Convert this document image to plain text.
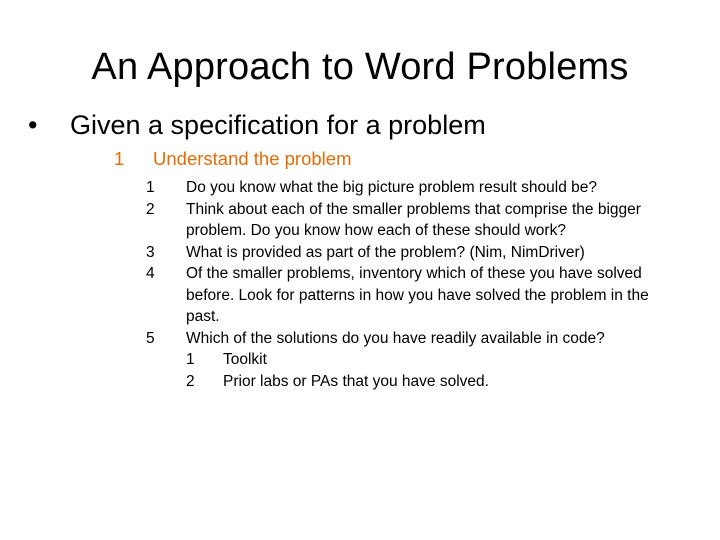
An Approach to Word Problems
• Given a specification for a problem
1 Understand the problem
1	Do you know what the big picture problem result should be?
2	Think about each of the smaller problems that comprise the bigger problem. Do you know how each of these should work?
3	What is provided as part of the problem? (Nim, NimDriver)
4	Of the smaller problems, inventory which of these you have solved before. Look for patterns in how you have solved the problem in the past.
5	Which of the solutions do you have readily available in code?
1	Toolkit
2	Prior labs or PAs that you have solved.
